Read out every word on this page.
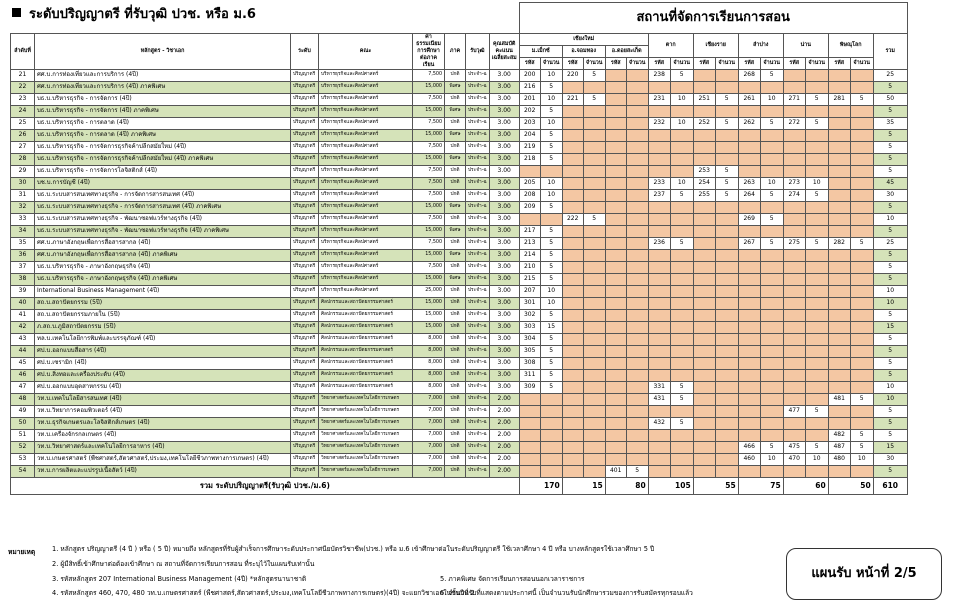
ระดับปริญญาตรี ที่รับวุฒิ ปวช. หรือ ม.6
								สถานที่จัดการเรียนการสอน																
ลำดับที่	หลักสูตร - วิชาเอก	ระดับ	คณะ	ค่าธรรมเนียมการศึกษาต่อภาคเรียน	ภาค	รับวุฒิ	คุณสมบัติคะแนนเฉลี่ยสะสม	เชียงใหม่						ตาก		เชียงราย		ลำปาง		น่าน		พิษณุโลก		รวม
								ม.เม็กซ์		อ.จอมทอง		อ.ดอยสะเก็ด												
								รหัส	จำนวน	รหัส	จำนวน	รหัส	จำนวน	รหัส	จำนวน	รหัส	จำนวน	รหัส	จำนวน	รหัส	จำนวน	รหัส	จำนวน	
21	ศศ.บ.การท่องเที่ยวและการบริการ (4ปี)	ปริญญาตรี	บริหารธุรกิจและศิลปศาสตร์	7,500	ปกติ	ประจำ-ฉ	3.00	200	10	220	5			238	5			268	5					25
22	ศศ.บ.การท่องเที่ยวและการบริการ (4ปี) ภาคพิเศษ	ปริญญาตรี	บริหารธุรกิจและศิลปศาสตร์	15,000	พิเศษ	ประจำ-ฉ	3.00	216	5															5
23	บธ.บ.บริหารธุรกิจ - การจัดการ (4ปี)	ปริญญาตรี	บริหารธุรกิจและศิลปศาสตร์	7,500	ปกติ	ประจำ-ฉ	3.00	201	10	221	5			231	10	251	5	261	10	271	5	281	5	50
24	บธ.บ.บริหารธุรกิจ - การจัดการ (4ปี) ภาคพิเศษ	ปริญญาตรี	บริหารธุรกิจและศิลปศาสตร์	15,000	พิเศษ	ประจำ-ฉ	3.00	202	5															5
25	บธ.บ.บริหารธุรกิจ - การตลาด (4ปี)	ปริญญาตรี	บริหารธุรกิจและศิลปศาสตร์	7,500	ปกติ	ประจำ-ฉ	3.00	203	10					232	10	252	5	262	5	272	5			35
26	บธ.บ.บริหารธุรกิจ - การตลาด (4ปี) ภาคพิเศษ	ปริญญาตรี	บริหารธุรกิจและศิลปศาสตร์	15,000	พิเศษ	ประจำ-ฉ	3.00	204	5															5
27	บธ.บ.บริหารธุรกิจ - การจัดการธุรกิจค้าปลีกสมัยใหม่ (4ปี)	ปริญญาตรี	บริหารธุรกิจและศิลปศาสตร์	7,500	ปกติ	ประจำ-ฉ	3.00	219	5															5
28	บธ.บ.บริหารธุรกิจ - การจัดการธุรกิจค้าปลีกสมัยใหม่ (4ปี) ภาคพิเศษ	ปริญญาตรี	บริหารธุรกิจและศิลปศาสตร์	15,000	พิเศษ	ประจำ-ฉ	3.00	218	5															5
29	บธ.บ.บริหารธุรกิจ - การจัดการโลจิสติกส์ (4ปี)	ปริญญาตรี	บริหารธุรกิจและศิลปศาสตร์	7,500	ปกติ	ประจำ-ฉ	3.00									253	5							5
30	บช.บ.การบัญชี (4ปี)	ปริญญาตรี	บริหารธุรกิจและศิลปศาสตร์	7,500	ปกติ	ประจำ-ฉ	3.00	205	10					233	10	254	5	263	10	273	10			45
31	บธ.บ.ระบบสารสนเทศทางธุรกิจ - การจัดการสารสนเทศ (4ปี)	ปริญญาตรี	บริหารธุรกิจและศิลปศาสตร์	7,500	ปกติ	ประจำ-ฉ	3.00	208	10					237	5	255	5	264	5	274	5			30
32	บธ.บ.ระบบสารสนเทศทางธุรกิจ - การจัดการสารสนเทศ (4ปี) ภาคพิเศษ	ปริญญาตรี	บริหารธุรกิจและศิลปศาสตร์	15,000	พิเศษ	ประจำ-ฉ	3.00	209	5															5
33	บธ.บ.ระบบสารสนเทศทางธุรกิจ - พัฒนาซอฟแวร์ทางธุรกิจ (4ปี)	ปริญญาตรี	บริหารธุรกิจและศิลปศาสตร์	7,500	ปกติ	ประจำ-ฉ	3.00			222	5							269	5					10
34	บธ.บ.ระบบสารสนเทศทางธุรกิจ - พัฒนาซอฟแวร์ทางธุรกิจ (4ปี) ภาคพิเศษ	ปริญญาตรี	บริหารธุรกิจและศิลปศาสตร์	15,000	พิเศษ	ประจำ-ฉ	3.00	217	5															5
35	ศศ.บ.ภาษาอังกฤษเพื่อการสื่อสารสากล (4ปี)	ปริญญาตรี	บริหารธุรกิจและศิลปศาสตร์	7,500	ปกติ	ประจำ-ฉ	3.00	213	5					236	5			267	5	275	5	282	5	25
36	ศศ.บ.ภาษาอังกฤษเพื่อการสื่อสารสากล (4ปี) ภาคพิเศษ	ปริญญาตรี	บริหารธุรกิจและศิลปศาสตร์	15,000	พิเศษ	ประจำ-ฉ	3.00	214	5															5
37	บธ.บ.บริหารธุรกิจ - ภาษาอังกฤษธุรกิจ (4ปี)	ปริญญาตรี	บริหารธุรกิจและศิลปศาสตร์	7,500	ปกติ	ประจำ-ฉ	3.00	210	5															5
38	บธ.บ.บริหารธุรกิจ - ภาษาอังกฤษธุรกิจ (4ปี) ภาคพิเศษ	ปริญญาตรี	บริหารธุรกิจและศิลปศาสตร์	15,000	พิเศษ	ประจำ-ฉ	3.00	215	5															5
39	International Business Management (4ปี)	ปริญญาตรี	บริหารธุรกิจและศิลปศาสตร์	25,000	ปกติ	ประจำ-ฉ	3.00	207	10															10
40	สถ.บ.สถาปัตยกรรม (5ปี)	ปริญญาตรี	ศิลปกรรมและสถาปัตยกรรมศาสตร์	15,000	ปกติ	ประจำ-ฉ	3.00	301	10															10
41	สถ.บ.สถาปัตยกรรมภายใน (5ปี)	ปริญญาตรี	ศิลปกรรมและสถาปัตยกรรมศาสตร์	15,000	ปกติ	ประจำ-ฉ	3.00	302	5															5
42	ภ.สถ.บ.ภูมิสถาปัตยกรรม (5ปี)	ปริญญาตรี	ศิลปกรรมและสถาปัตยกรรมศาสตร์	15,000	ปกติ	ประจำ-ฉ	3.00	303	15															15
43	ทล.บ.เทคโนโลยีการพิมพ์และบรรจุภัณฑ์ (4ปี)	ปริญญาตรี	ศิลปกรรมและสถาปัตยกรรมศาสตร์	8,000	ปกติ	ประจำ-ฉ	3.00	304	5															5
44	ศป.บ.ออกแบบสื่อสาร (4ปี)	ปริญญาตรี	ศิลปกรรมและสถาปัตยกรรมศาสตร์	8,000	ปกติ	ประจำ-ฉ	3.00	305	5															5
45	ศป.บ.เซรามิก (4ปี)	ปริญญาตรี	ศิลปกรรมและสถาปัตยกรรมศาสตร์	8,000	ปกติ	ประจำ-ฉ	3.00	308	5															5
46	ศป.บ.สิ่งทอและเครื่องประดับ (4ปี)	ปริญญาตรี	ศิลปกรรมและสถาปัตยกรรมศาสตร์	8,000	ปกติ	ประจำ-ฉ	3.00	311	5															5
47	ศป.บ.ออกแบบอุตสาหกรรม (4ปี)	ปริญญาตรี	ศิลปกรรมและสถาปัตยกรรมศาสตร์	8,000	ปกติ	ประจำ-ฉ	3.00	309	5					331	5									10
48	วท.บ.เทคโนโลยีสารสนเทศ (4ปี)	ปริญญาตรี	วิทยาศาสตร์และเทคโนโลยีการเกษตร	7,000	ปกติ	ประจำ-ฉ	2.00							431	5							481	5	10
49	วท.บ.วิทยาการคอมพิวเตอร์ (4ปี)	ปริญญาตรี	วิทยาศาสตร์และเทคโนโลยีการเกษตร	7,000	ปกติ	ประจำ-ฉ	2.00													477	5			5
50	วท.บ.ธุรกิจเกษตรและโลจิสติกส์เกษตร (4ปี)	ปริญญาตรี	วิทยาศาสตร์และเทคโนโลยีการเกษตร	7,000	ปกติ	ประจำ-ฉ	2.00							432	5									5
51	วท.บ.เครื่องจักรกลเกษตร (4ปี)	ปริญญาตรี	วิทยาศาสตร์และเทคโนโลยีการเกษตร	7,000	ปกติ	ประจำ-ฉ	2.00															482	5	5
52	วท.บ.วิทยาศาสตร์และเทคโนโลยีการอาหาร (4ปี)	ปริญญาตรี	วิทยาศาสตร์และเทคโนโลยีการเกษตร	7,000	ปกติ	ประจำ-ฉ	2.00											466	5	475	5	487	5	15
53	วท.บ.เกษตรศาสตร์ (พืชศาสตร์,สัตวศาสตร์,ประมง,เทคโนโลยีชีวภาพทางการเกษตร) (4ปี)	ปริญญาตรี	วิทยาศาสตร์และเทคโนโลยีการเกษตร	7,000	ปกติ	ประจำ-ฉ	2.00											460	10	470	10	480	10	30
54	วท.บ.การผลิตและแปรรูปเนื้อสัตว์ (4ปี)	ปริญญาตรี	วิทยาศาสตร์และเทคโนโลยีการเกษตร	7,000	ปกติ	ประจำ-ฉ	2.00					401	5											5
รวม ระดับปริญญาตรี(รับวุฒิ ปวช./ม.6)								170		15		80		105		55		75		60		50		610
หมายเหตุ	1. หลักสูตร ปริญญาตรี (4 ปี ) หรือ ( 5 ปี) หมายถึง หลักสูตรที่รับผู้สำเร็จการศึกษาระดับประกาศนียบัตรวิชาชีพ(ปวช.) หรือ ม.6 เข้าศึกษาต่อในระดับปริญญาตรี ใช้เวลาศึกษา 4 ปี หรือ บางหลักสูตรใช้เวลาศึกษา 5 ปี
2. ผู้มีสิทธิ์เข้าศึกษาต่อต้องเข้าศึกษา ณ สถานที่จัดการเรียนการสอน ที่ระบุไว้ในแผนรับเท่านั้น
3. รหัสหลักสูตร 207 International Business Management (4ปี) *หลักสูตรนานาชาติ
4. รหัสหลักสูตร 460, 470, 480 วท.บ.เกษตรศาสตร์ (พืชศาสตร์,สัตวศาสตร์,ประมง,เทคโนโลยีชีวภาพทางการเกษตร)(4ปี) จะแยกวิชาเอกในชั้นปีที่ 2
5. ภาคพิเศษ จัดการเรียนการสอนนอกเวลาราชการ
6. จำนวนรับที่แสดงตามประกาศนี้ เป็นจำนวนรับนักศึกษารวมของการรับสมัครทุกรอบแล้ว
แผนรับ หน้าที่ 2/5
